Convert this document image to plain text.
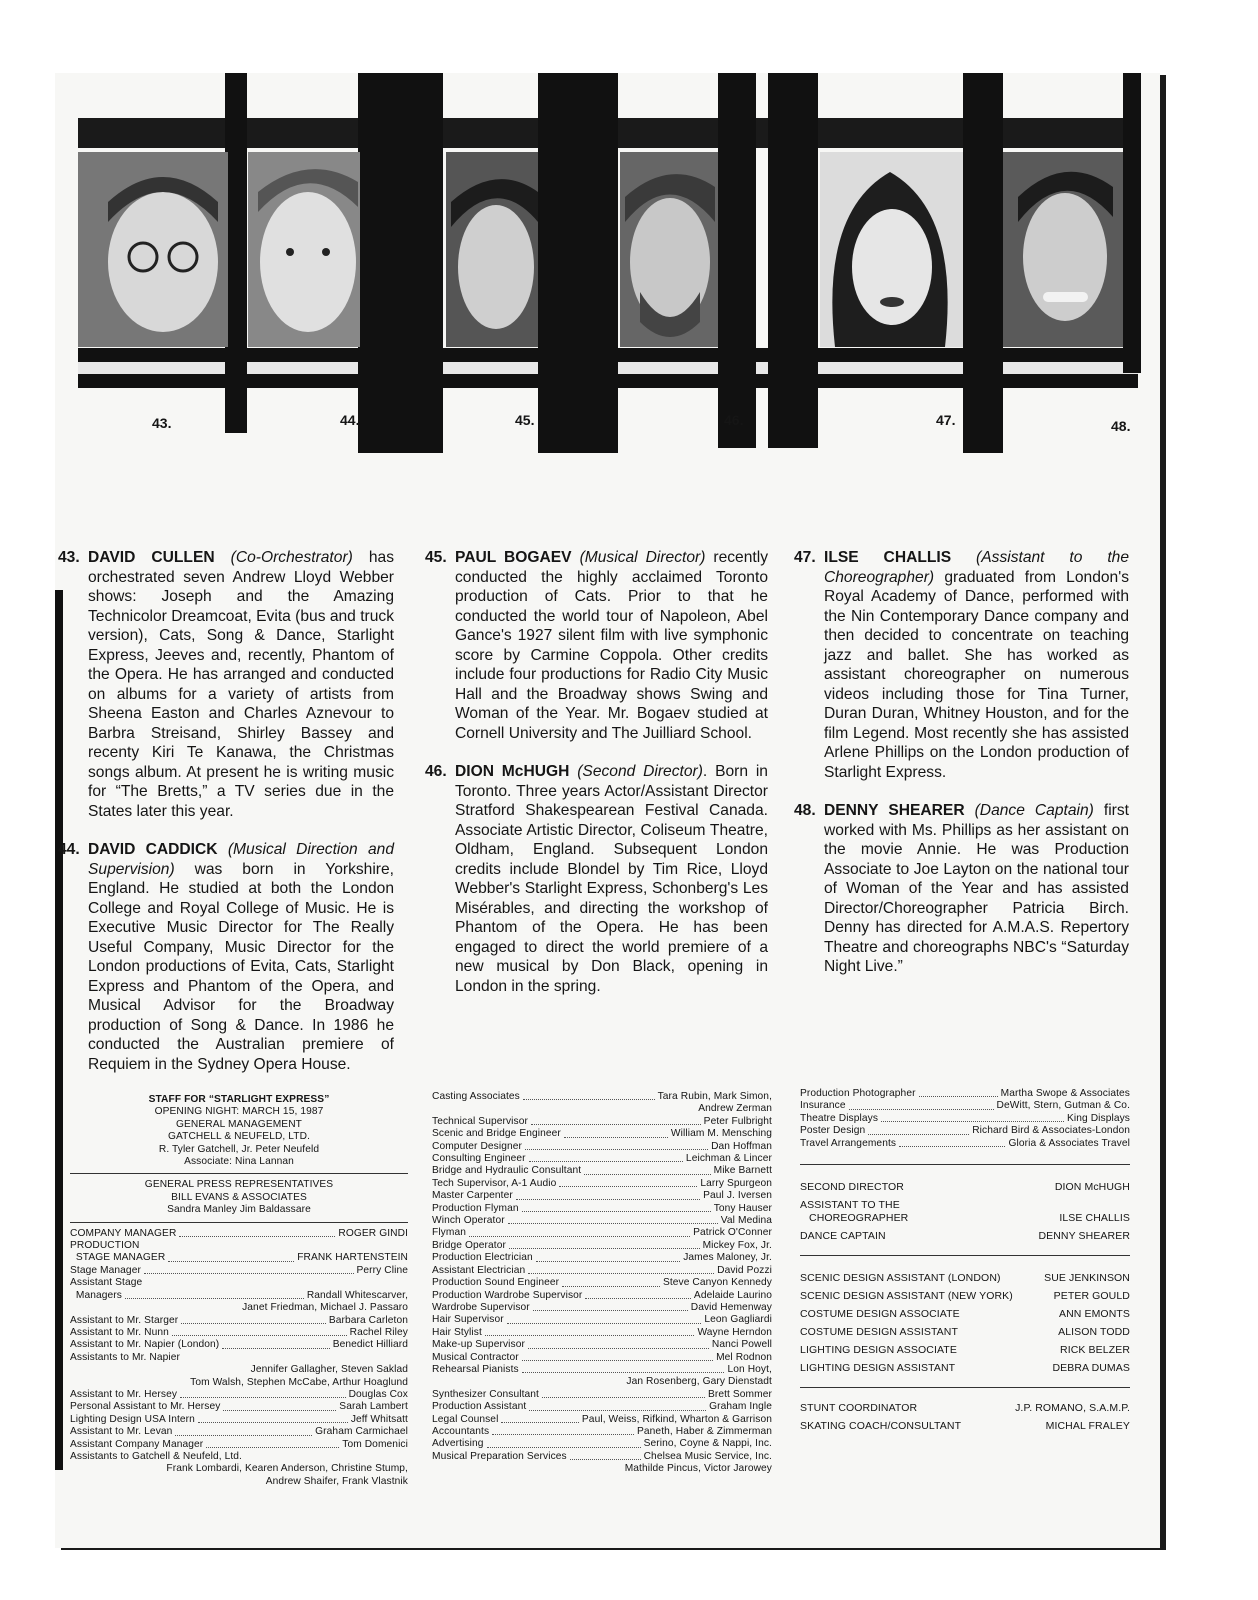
43.	44.	45.	46.	47.	48.

43. DAVID CULLEN (Co-Orchestrator) has orchestrated seven Andrew Lloyd Webber shows: Joseph and the Amazing Technicolor Dreamcoat, Evita (bus and truck version), Cats, Song & Dance, Starlight Express, Jeeves and, recently, Phantom of the Opera. He has arranged and conducted on albums for a variety of artists from Sheena Easton and Charles Aznevour to Barbra Streisand, Shirley Bassey and recenty Kiri Te Kanawa, the Christmas songs album. At present he is writing music for “The Bretts,” a TV series due in the States later this year.

44. DAVID CADDICK (Musical Direction and Supervision) was born in Yorkshire, England. He studied at both the London College and Royal College of Music. He is Executive Music Director for The Really Useful Company, Music Director for the London productions of Evita, Cats, Starlight Express and Phantom of the Opera, and Musical Advisor for the Broadway production of Song & Dance. In 1986 he conducted the Australian premiere of Requiem in the Sydney Opera House.

45. PAUL BOGAEV (Musical Director) recently conducted the highly acclaimed Toronto production of Cats. Prior to that he conducted the world tour of Napoleon, Abel Gance's 1927 silent film with live symphonic score by Carmine Coppola. Other credits include four productions for Radio City Music Hall and the Broadway shows Swing and Woman of the Year. Mr. Bogaev studied at Cornell University and The Juilliard School.

46. DION McHUGH (Second Director). Born in Toronto. Three years Actor/Assistant Director Stratford Shakespearean Festival Canada. Associate Artistic Director, Coliseum Theatre, Oldham, England. Subsequent London credits include Blondel by Tim Rice, Lloyd Webber's Starlight Express, Schonberg's Les Misérables, and directing the workshop of Phantom of the Opera. He has been engaged to direct the world premiere of a new musical by Don Black, opening in London in the spring.

47. ILSE CHALLIS (Assistant to the Choreographer) graduated from London's Royal Academy of Dance, performed with the Nin Contemporary Dance company and then decided to concentrate on teaching jazz and ballet. She has worked as assistant choreographer on numerous videos including those for Tina Turner, Duran Duran, Whitney Houston, and for the film Legend. Most recently she has assisted Arlene Phillips on the London production of Starlight Express.

48. DENNY SHEARER (Dance Captain) first worked with Ms. Phillips as her assistant on the movie Annie. He was Production Associate to Joe Layton on the national tour of Woman of the Year and has assisted Director/Choreographer Patricia Birch. Denny has directed for A.M.A.S. Repertory Theatre and choreographs NBC's “Saturday Night Live.”

STAFF FOR “STARLIGHT EXPRESS”
OPENING NIGHT: MARCH 15, 1987
GENERAL MANAGEMENT
GATCHELL & NEUFELD, LTD.
R. Tyler Gatchell, Jr. Peter Neufeld
Associate: Nina Lannan
GENERAL PRESS REPRESENTATIVES
BILL EVANS & ASSOCIATES
Sandra Manley Jim Baldassare
COMPANY MANAGER	ROGER GINDI
PRODUCTION
STAGE MANAGER	FRANK HARTENSTEIN
Stage Manager	Perry Cline
Assistant Stage
Managers	Randall Whitescarver,
Janet Friedman, Michael J. Passaro
Assistant to Mr. Starger	Barbara Carleton
Assistant to Mr. Nunn	Rachel Riley
Assistant to Mr. Napier (London)	Benedict Hilliard
Assistants to Mr. Napier
Jennifer Gallagher, Steven Saklad
Tom Walsh, Stephen McCabe, Arthur Hoaglund
Assistant to Mr. Hersey	Douglas Cox
Personal Assistant to Mr. Hersey	Sarah Lambert
Lighting Design USA Intern	Jeff Whitsatt
Assistant to Mr. Levan	Graham Carmichael
Assistant Company Manager	Tom Domenici
Assistants to Gatchell & Neufeld, Ltd.
Frank Lombardi, Kearen Anderson, Christine Stump,
Andrew Shaifer, Frank Vlastnik
Casting Associates	Tara Rubin, Mark Simon,
Andrew Zerman
Technical Supervisor	Peter Fulbright
Scenic and Bridge Engineer	William M. Mensching
Computer Designer	Dan Hoffman
Consulting Engineer	Leichman & Lincer
Bridge and Hydraulic Consultant	Mike Barnett
Tech Supervisor, A-1 Audio	Larry Spurgeon
Master Carpenter	Paul J. Iversen
Production Flyman	Tony Hauser
Winch Operator	Val Medina
Flyman	Patrick O'Conner
Bridge Operator	Mickey Fox, Jr.
Production Electrician	James Maloney, Jr.
Assistant Electrician	David Pozzi
Production Sound Engineer	Steve Canyon Kennedy
Production Wardrobe Supervisor	Adelaide Laurino
Wardrobe Supervisor	David Hemenway
Hair Supervisor	Leon Gagliardi
Hair Stylist	Wayne Herndon
Make-up Supervisor	Nanci Powell
Musical Contractor	Mel Rodnon
Rehearsal Pianists	Lon Hoyt,
Jan Rosenberg, Gary Dienstadt
Synthesizer Consultant	Brett Sommer
Production Assistant	Graham Ingle
Legal Counsel	Paul, Weiss, Rifkind, Wharton & Garrison
Accountants	Paneth, Haber & Zimmerman
Advertising	Serino, Coyne & Nappi, Inc.
Musical Preparation Services	Chelsea Music Service, Inc.
Mathilde Pincus, Victor Jarowey
Production Photographer	Martha Swope & Associates
Insurance	DeWitt, Stern, Gutman & Co.
Theatre Displays	King Displays
Poster Design	Richard Bird & Associates-London
Travel Arrangements	Gloria & Associates Travel
SECOND DIRECTOR	DION McHUGH
ASSISTANT TO THE
CHOREOGRAPHER	ILSE CHALLIS
DANCE CAPTAIN	DENNY SHEARER
SCENIC DESIGN ASSISTANT (LONDON)	SUE JENKINSON
SCENIC DESIGN ASSISTANT (NEW YORK)	PETER GOULD
COSTUME DESIGN ASSOCIATE	ANN EMONTS
COSTUME DESIGN ASSISTANT	ALISON TODD
LIGHTING DESIGN ASSOCIATE	RICK BELZER
LIGHTING DESIGN ASSISTANT	DEBRA DUMAS
STUNT COORDINATOR	J.P. ROMANO, S.A.M.P.
SKATING COACH/CONSULTANT	MICHAL FRALEY
